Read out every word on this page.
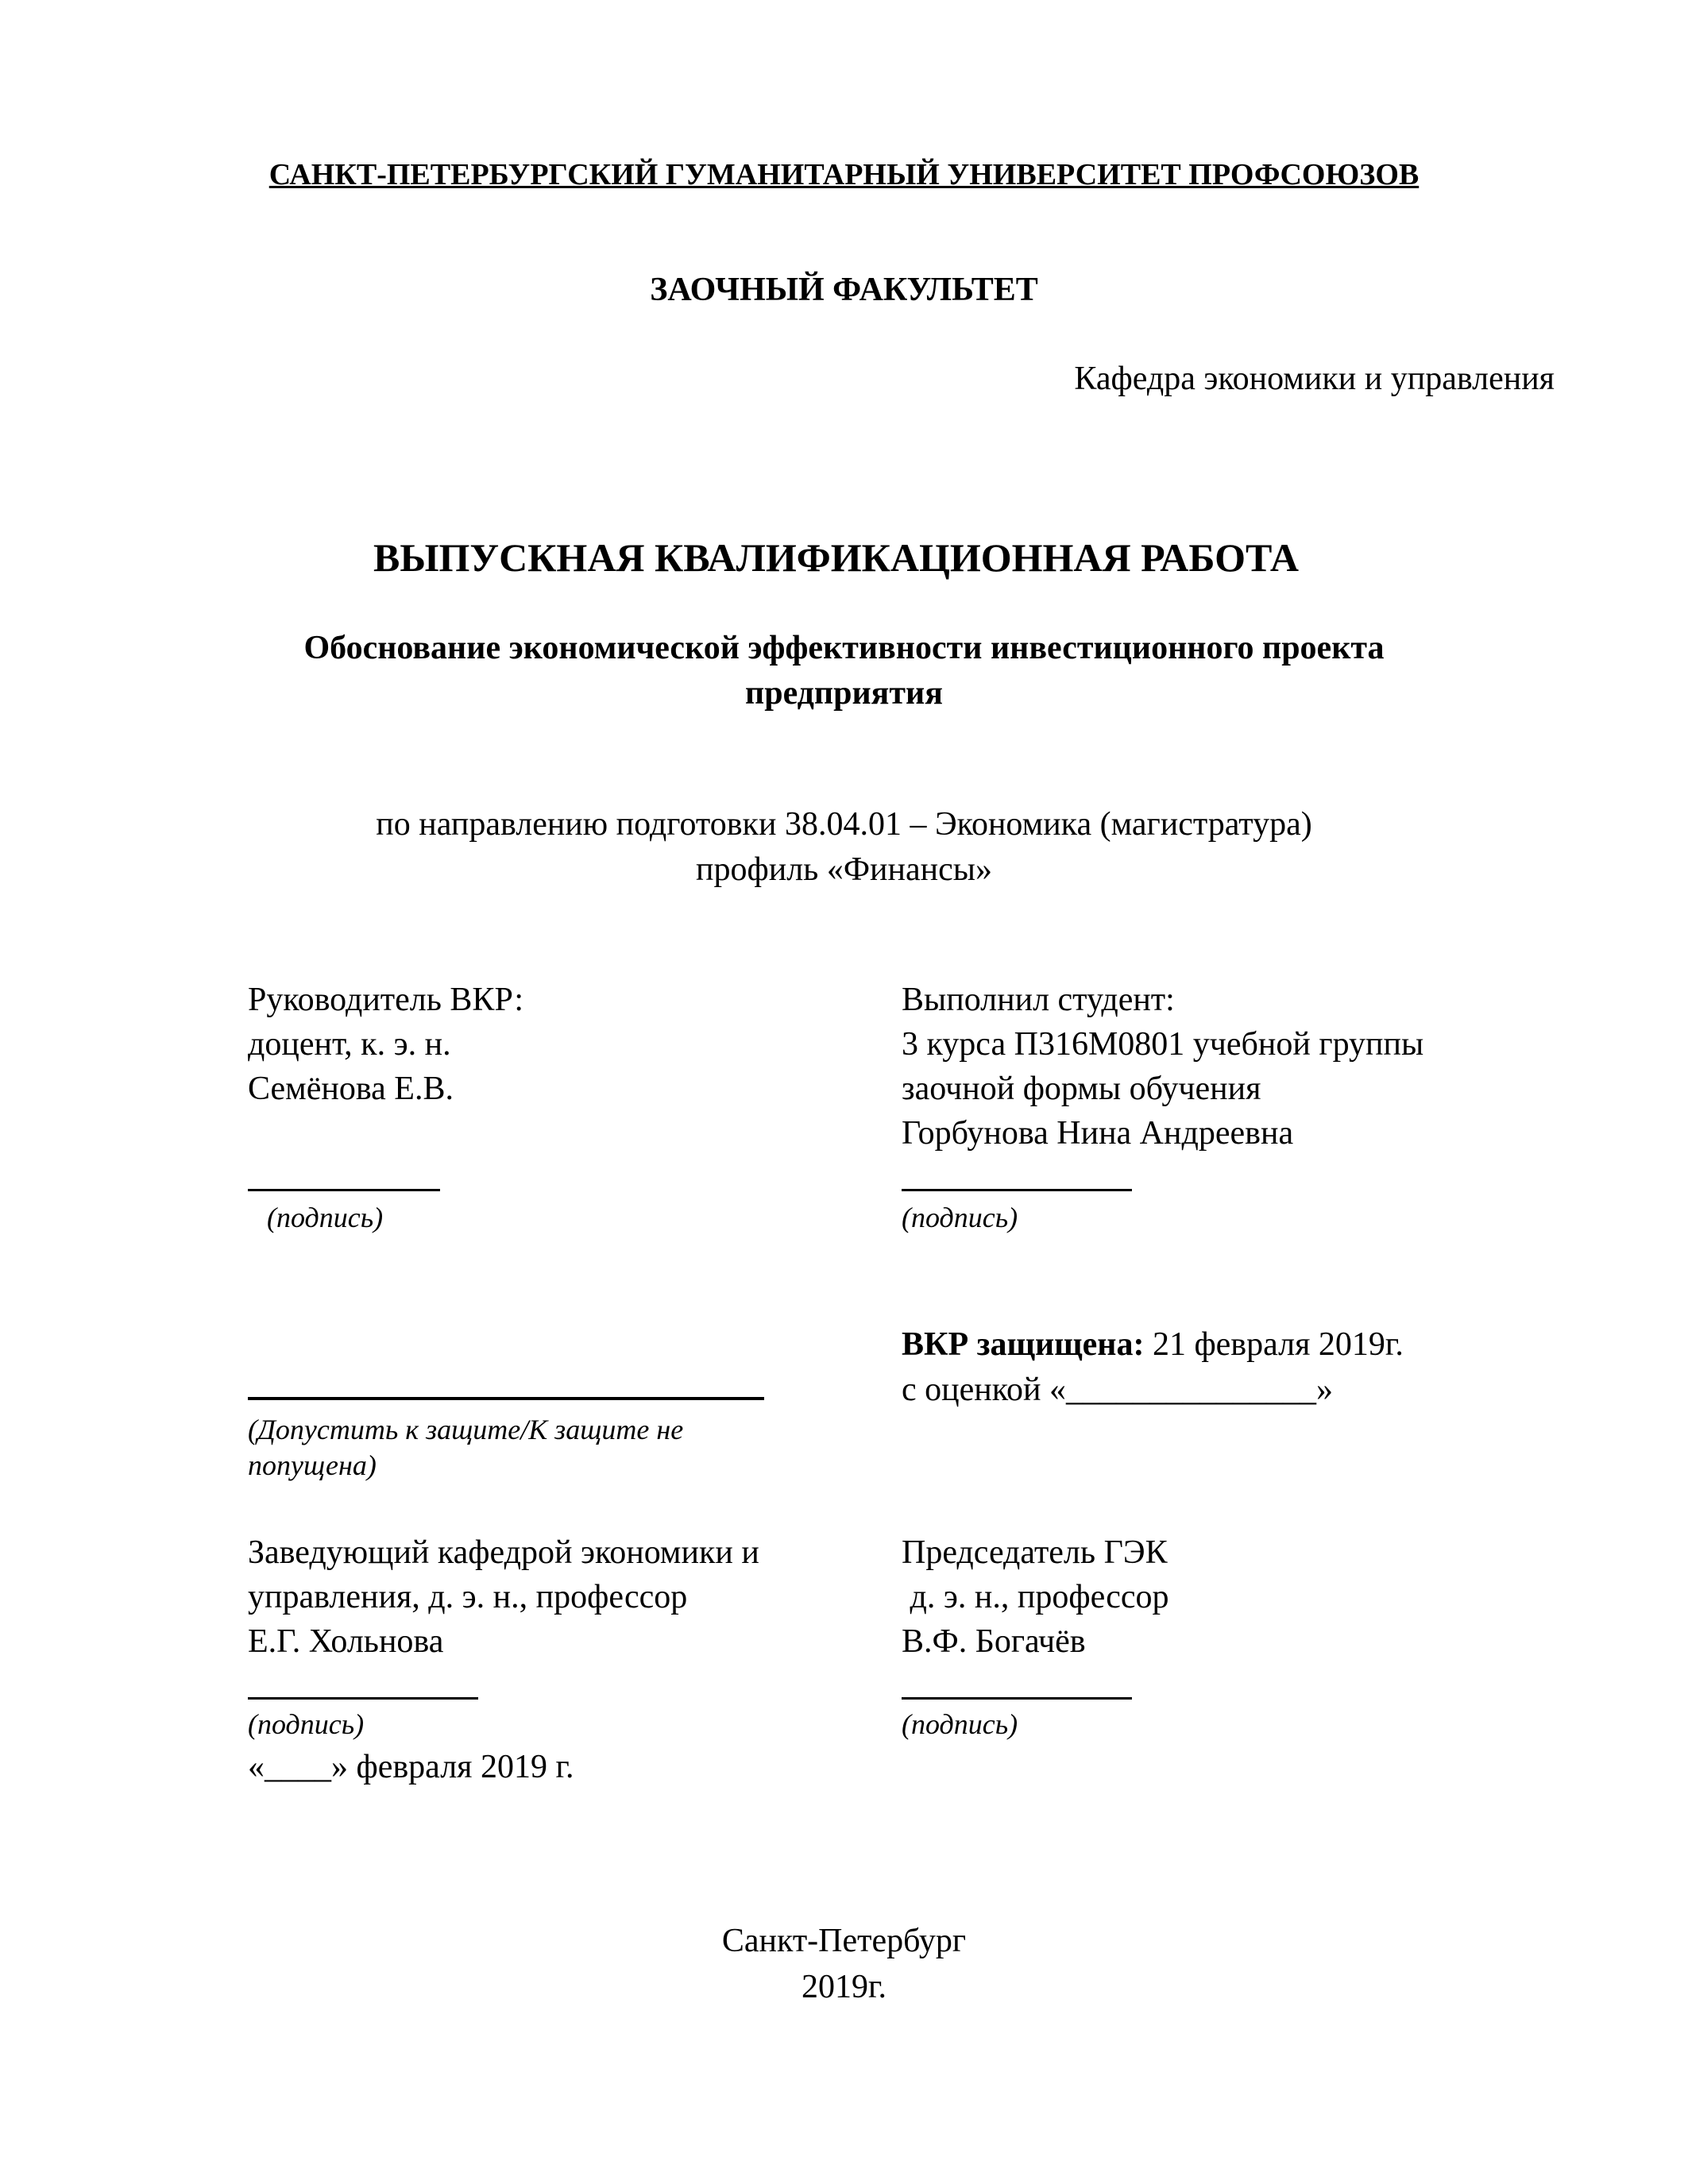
САНКТ-ПЕТЕРБУРГСКИЙ ГУМАНИТАРНЫЙ УНИВЕРСИТЕТ ПРОФСОЮЗОВ
ЗАОЧНЫЙ ФАКУЛЬТЕТ
Кафедра экономики и управления
ВЫПУСКНАЯ КВАЛИФИКАЦИОННАЯ РАБОТА
Обоснование экономической эффективности инвестиционного проекта
предприятия
по направлению подготовки 38.04.01 – Экономика (магистратура)
профиль «Финансы»
Руководитель ВКР:
доцент, к. э. н.
Семёнова Е.В.
(подпись)
Выполнил студент:
3 курса П316М0801 учебной группы
заочной формы обучения
Горбунова Нина Андреевна
(подпись)
(Допустить к защите/К защите не
попущена)
ВКР защищена: 21 февраля 2019г.
с оценкой «_______________»
Заведующий кафедрой экономики и
управления, д. э. н., профессор
Е.Г. Хольнова
(подпись)
«____» февраля 2019 г.
Председатель ГЭК
д. э. н., профессор
В.Ф. Богачёв
(подпись)
Санкт-Петербург
2019г.
